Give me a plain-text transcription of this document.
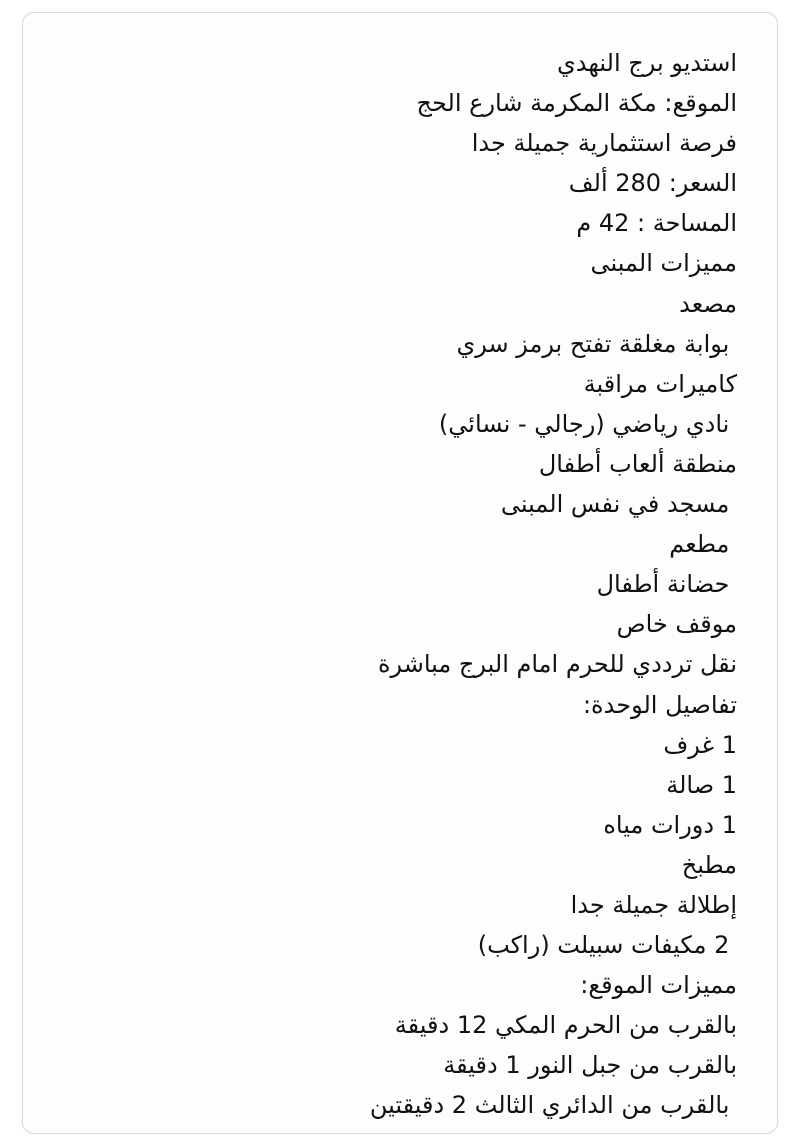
استديو برج النهدي
الموقع: مكة المكرمة شارع الحج
فرصة استثمارية جميلة جدا
السعر: 280 ألف
المساحة : 42 م
مميزات المبنى
مصعد
بوابة مغلقة تفتح برمز سري
كاميرات مراقبة
نادي رياضي (رجالي - نسائي)
منطقة ألعاب أطفال
مسجد في نفس المبنى
مطعم
حضانة أطفال
موقف خاص
نقل ترددي للحرم امام البرج مباشرة
تفاصيل الوحدة:
1 غرف
1 صالة
1 دورات مياه
مطبخ
إطلالة جميلة جدا
2 مكيفات سبيلت (راكب)
مميزات الموقع:
بالقرب من الحرم المكي 12 دقيقة
بالقرب من جبل النور 1 دقيقة
بالقرب من الدائري الثالث 2 دقيقتين
